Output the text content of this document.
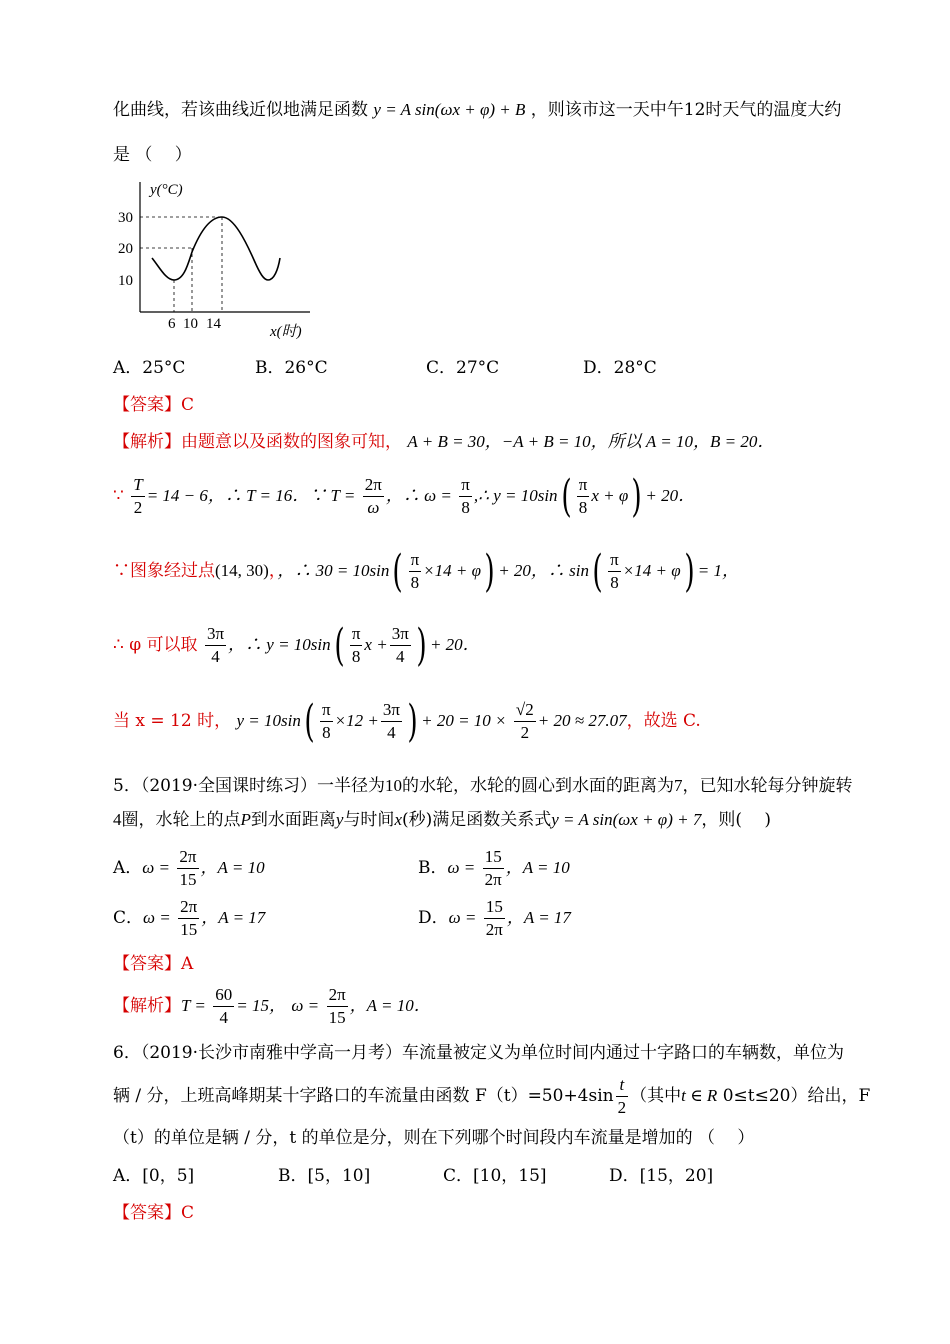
化曲线，若该曲线近似地满足函数 y = A sin(ωx + φ) + B ，则该市这一天中午12时天气的温度大约
是 （　 ）
y(°C)
x(时)
30
20
10
6 10 14
A．25°C	B．26°C	C．27°C	D．28°C
【答案】C
【解析】由题意以及函数的图象可知， A + B = 30，−A + B = 10，所以 A = 10，B = 20．
∵ $\frac{T}{2} = 14 - 6$，∴ T = 16．∵ $T = \frac{2\pi}{\omega}$ ，∴ $\omega = \frac{\pi}{8}$ ,∴ $y = 10\sin( \frac{\pi}{8}$ x + φ) + 20．
∵图象经过点(14, 30)，，∴ $30 = 10\sin( \frac{\pi}{8} \times 14 + \varphi) + 20$，∴ $\sin( \frac{\pi}{8} \times 14 + \varphi) = 1$，
∴ φ 可以取 $\frac{3\pi}{4}$ ，∴ $y = 10\sin( \frac{\pi}{8}$ $x + \frac{3\pi}{4}$ ) + 20．
当 x = 12 时， $y = 10\sin( \frac{\pi}{8} \times 12 + \frac{3\pi}{4}$ ) + $20 = 10 \times \frac{√2}{2} + 20 \approx 27.07$，故选 C.
5．（2019·全国课时练习）一半径为10的水轮，水轮的圆心到水面的距离为7，已知水轮每分钟旋转
4圈，水轮上的点P到水面距离y与时间x(秒)满足函数关系式y = A sin(ωx + φ) + 7，则(　 )
A．$\omega = \frac{2\pi}{15}$ ，A = 10	B．$\omega = \frac{15}{2\pi}$ ，A = 10
C．$\omega = \frac{2\pi}{15}$ ，A = 17	D．$\omega = \frac{15}{2\pi}$ ，A = 17
【答案】A
【解析】$T = \frac{60}{4} = 15$， $\omega = \frac{2\pi}{15}$ ，A = 10．
6．（2019·长沙市南雅中学高一月考）车流量被定义为单位时间内通过十字路口的车辆数，单位为
辆 / 分，上班高峰期某十字路口的车流量由函数 $F(t)=50+4\sin \frac{t}{2}$ （其中t ∈ R 0≤t≤20）给出，F
（t）的单位是辆 / 分，t 的单位是分，则在下列哪个时间段内车流量是增加的 （　 ）
A．[0，5]	B．[5，10]	C．[10，15]	D．[15，20]
【答案】C
